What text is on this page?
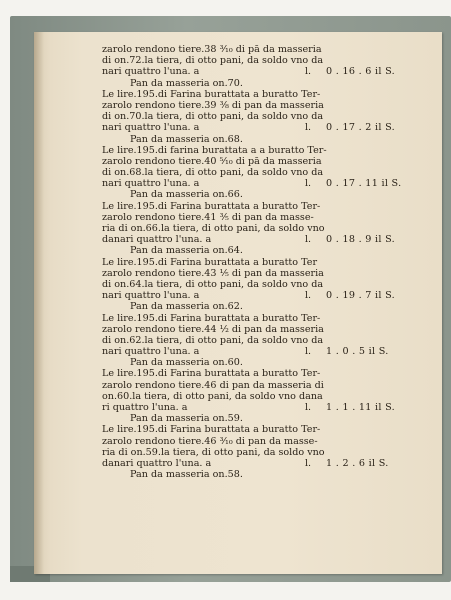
zarolo rendono tiere.38 ³⁄₁₀ di pā da masseria
di on.72.la tiera, di otto pani, da soldo vno da
nari quattro l'una. a	l.	0 . 16 . 6 il S.
Pan da masseria on.70.
Le lire.195.di Farina burattata a buratto Ter-
zarolo rendono tiere.39 ⅜ di pan da masseria
di on.70.la tiera, di otto pani, da soldo vno da
nari quattro l'una. a	l.	0 . 17 . 2 il S.
Pan da masseria on.68.
Le lire.195.di farina burattata a a buratto Ter-
zarolo rendono tiere.40 ⁵⁄₁₀ di pā da masseria
di on.68.la tiera, di otto pani, da soldo vno da
nari quattro l'una. a	l.	0 . 17 . 11 il S.
Pan da masseria on.66.
Le lire.195.di Farina burattata a buratto Ter-
zarolo rendono tiere.41 ⅗ di pan da masse-
ria di on.66.la tiera, di otto pani, da soldo vno
danari quattro l'una. a	l.	0 . 18 . 9 il S.
Pan da masseria on.64.
Le lire.195.di Farina burattata a buratto Ter
zarolo rendono tiere.43 ⅕ di pan da masseria
di on.64.la tiera, di otto pani, da soldo vno da
nari quattro l'una. a	l.	0 . 19 . 7 il S.
Pan da masseria on.62.
Le lire.195.di Farina burattata a buratto Ter-
zarolo rendono tiere.44 ½ di pan da masseria
di on.62.la tiera, di otto pani, da soldo vno da
nari quattro l'una. a	l.	1 . 0 . 5 il S.
Pan da masseria on.60.
Le lire.195.di Farina burattata a buratto Ter-
zarolo rendono tiere.46 di pan da masseria di
on.60.la tiera, di otto pani, da soldo vno dana
ri quattro l'una. a	l.	1 . 1 . 11 il S.
Pan da masseria on.59.
Le lire.195.di Farina burattata a buratto Ter-
zarolo rendono tiere.46 ³⁄₁₀ di pan da masse-
ria di on.59.la tiera, di otto pani, da soldo vno
danari quattro l'una. a	l.	1 . 2 . 6 il S.
Pan da masseria on.58.
